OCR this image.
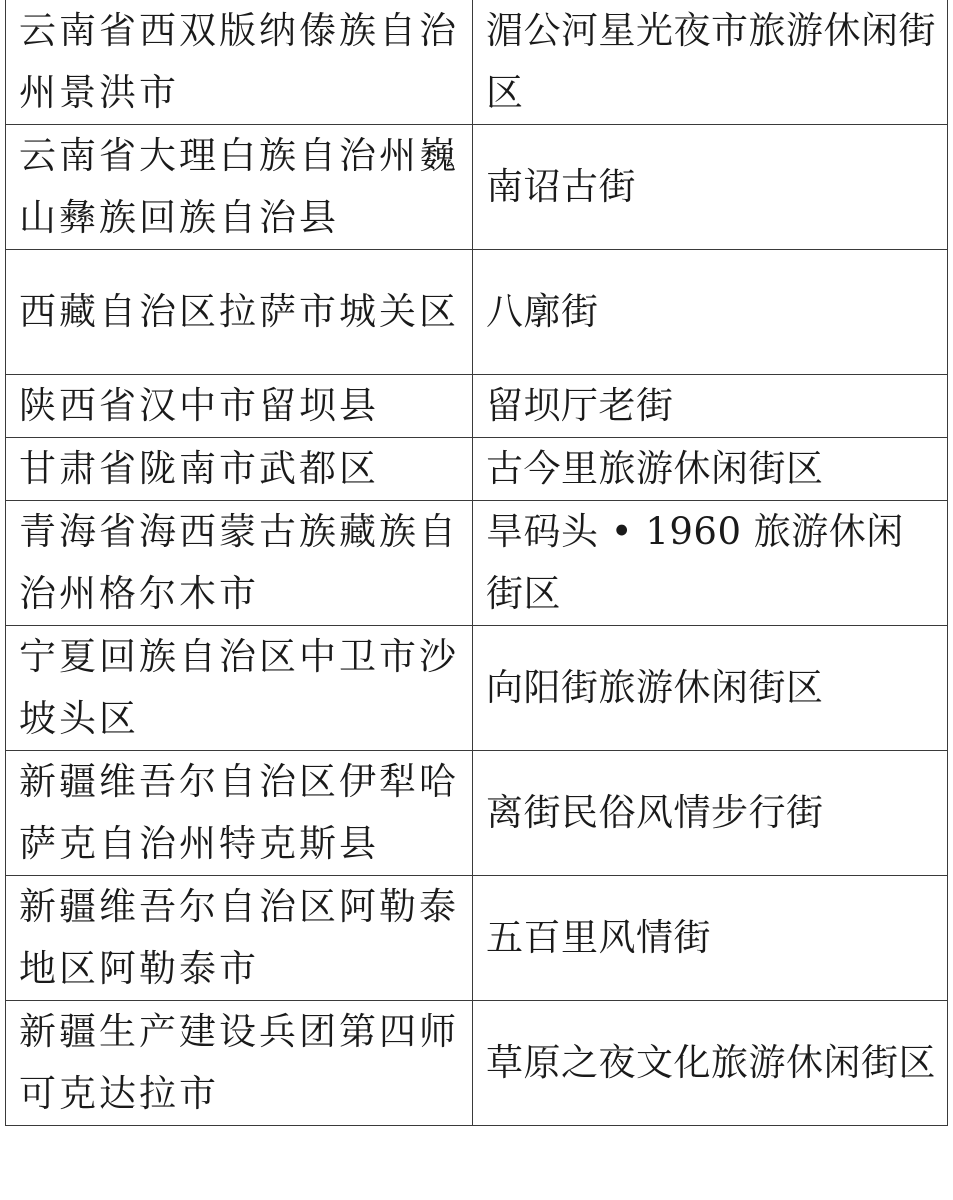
云南省西双版纳傣族自治州景洪市	湄公河星光夜市旅游休闲街区
云南省大理白族自治州巍山彝族回族自治县	南诏古街
西藏自治区拉萨市城关区	八廓街
陕西省汉中市留坝县	留坝厅老街
甘肃省陇南市武都区	古今里旅游休闲街区
青海省海西蒙古族藏族自治州格尔木市	旱码头 • 1960 旅游休闲街区
宁夏回族自治区中卫市沙坡头区	向阳街旅游休闲街区
新疆维吾尔自治区伊犁哈萨克自治州特克斯县	离街民俗风情步行街
新疆维吾尔自治区阿勒泰地区阿勒泰市	五百里风情街
新疆生产建设兵团第四师可克达拉市	草原之夜文化旅游休闲街区
